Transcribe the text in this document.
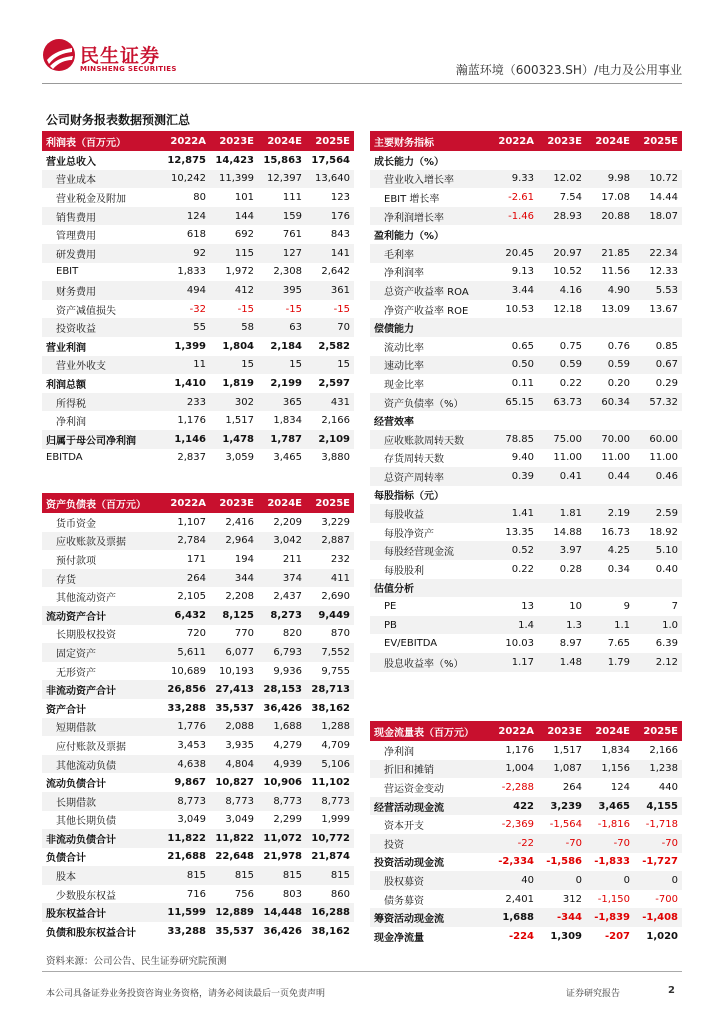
民生证券
MINSHENG SECURITIES	瀚蓝环境（600323.SH）/电力及公用事业
公司财务报表数据预测汇总
利润表（百万元）	2022A	2023E	2024E	2025E
营业总收入	12,875	14,423	15,863	17,564
营业成本	10,242	11,399	12,397	13,640
营业税金及附加	80	101	111	123
销售费用	124	144	159	176
管理费用	618	692	761	843
研发费用	92	115	127	141
EBIT	1,833	1,972	2,308	2,642
财务费用	494	412	395	361
资产减值损失	-32	-15	-15	-15
投资收益	55	58	63	70
营业利润	1,399	1,804	2,184	2,582
营业外收支	11	15	15	15
利润总额	1,410	1,819	2,199	2,597
所得税	233	302	365	431
净利润	1,176	1,517	1,834	2,166
归属于母公司净利润	1,146	1,478	1,787	2,109
EBITDA	2,837	3,059	3,465	3,880
资产负债表（百万元）	2022A	2023E	2024E	2025E
货币资金	1,107	2,416	2,209	3,229
应收账款及票据	2,784	2,964	3,042	2,887
预付款项	171	194	211	232
存货	264	344	374	411
其他流动资产	2,105	2,208	2,437	2,690
流动资产合计	6,432	8,125	8,273	9,449
长期股权投资	720	770	820	870
固定资产	5,611	6,077	6,793	7,552
无形资产	10,689	10,193	9,936	9,755
非流动资产合计	26,856	27,413	28,153	28,713
资产合计	33,288	35,537	36,426	38,162
短期借款	1,776	2,088	1,688	1,288
应付账款及票据	3,453	3,935	4,279	4,709
其他流动负债	4,638	4,804	4,939	5,106
流动负债合计	9,867	10,827	10,906	11,102
长期借款	8,773	8,773	8,773	8,773
其他长期负债	3,049	3,049	2,299	1,999
非流动负债合计	11,822	11,822	11,072	10,772
负债合计	21,688	22,648	21,978	21,874
股本	815	815	815	815
少数股东权益	716	756	803	860
股东权益合计	11,599	12,889	14,448	16,288
负债和股东权益合计	33,288	35,537	36,426	38,162
主要财务指标	2022A	2023E	2024E	2025E
成长能力（%）				
营业收入增长率	9.33	12.02	9.98	10.72
EBIT 增长率	-2.61	7.54	17.08	14.44
净利润增长率	-1.46	28.93	20.88	18.07
盈利能力（%）				
毛利率	20.45	20.97	21.85	22.34
净利润率	9.13	10.52	11.56	12.33
总资产收益率 ROA	3.44	4.16	4.90	5.53
净资产收益率 ROE	10.53	12.18	13.09	13.67
偿债能力				
流动比率	0.65	0.75	0.76	0.85
速动比率	0.50	0.59	0.59	0.67
现金比率	0.11	0.22	0.20	0.29
资产负债率（%）	65.15	63.73	60.34	57.32
经营效率				
应收账款周转天数	78.85	75.00	70.00	60.00
存货周转天数	9.40	11.00	11.00	11.00
总资产周转率	0.39	0.41	0.44	0.46
每股指标（元）				
每股收益	1.41	1.81	2.19	2.59
每股净资产	13.35	14.88	16.73	18.92
每股经营现金流	0.52	3.97	4.25	5.10
每股股利	0.22	0.28	0.34	0.40
估值分析				
PE	13	10	9	7
PB	1.4	1.3	1.1	1.0
EV/EBITDA	10.03	8.97	7.65	6.39
股息收益率（%）	1.17	1.48	1.79	2.12
现金流量表（百万元）	2022A	2023E	2024E	2025E
净利润	1,176	1,517	1,834	2,166
折旧和摊销	1,004	1,087	1,156	1,238
营运资金变动	-2,288	264	124	440
经营活动现金流	422	3,239	3,465	4,155
资本开支	-2,369	-1,564	-1,816	-1,718
投资	-22	-70	-70	-70
投资活动现金流	-2,334	-1,586	-1,833	-1,727
股权募资	40	0	0	0
债务募资	2,401	312	-1,150	-700
筹资活动现金流	1,688	-344	-1,839	-1,408
现金净流量	-224	1,309	-207	1,020
资料来源：公司公告、民生证券研究院预测
本公司具备证券业务投资咨询业务资格，请务必阅读最后一页免责声明	证券研究报告	2
